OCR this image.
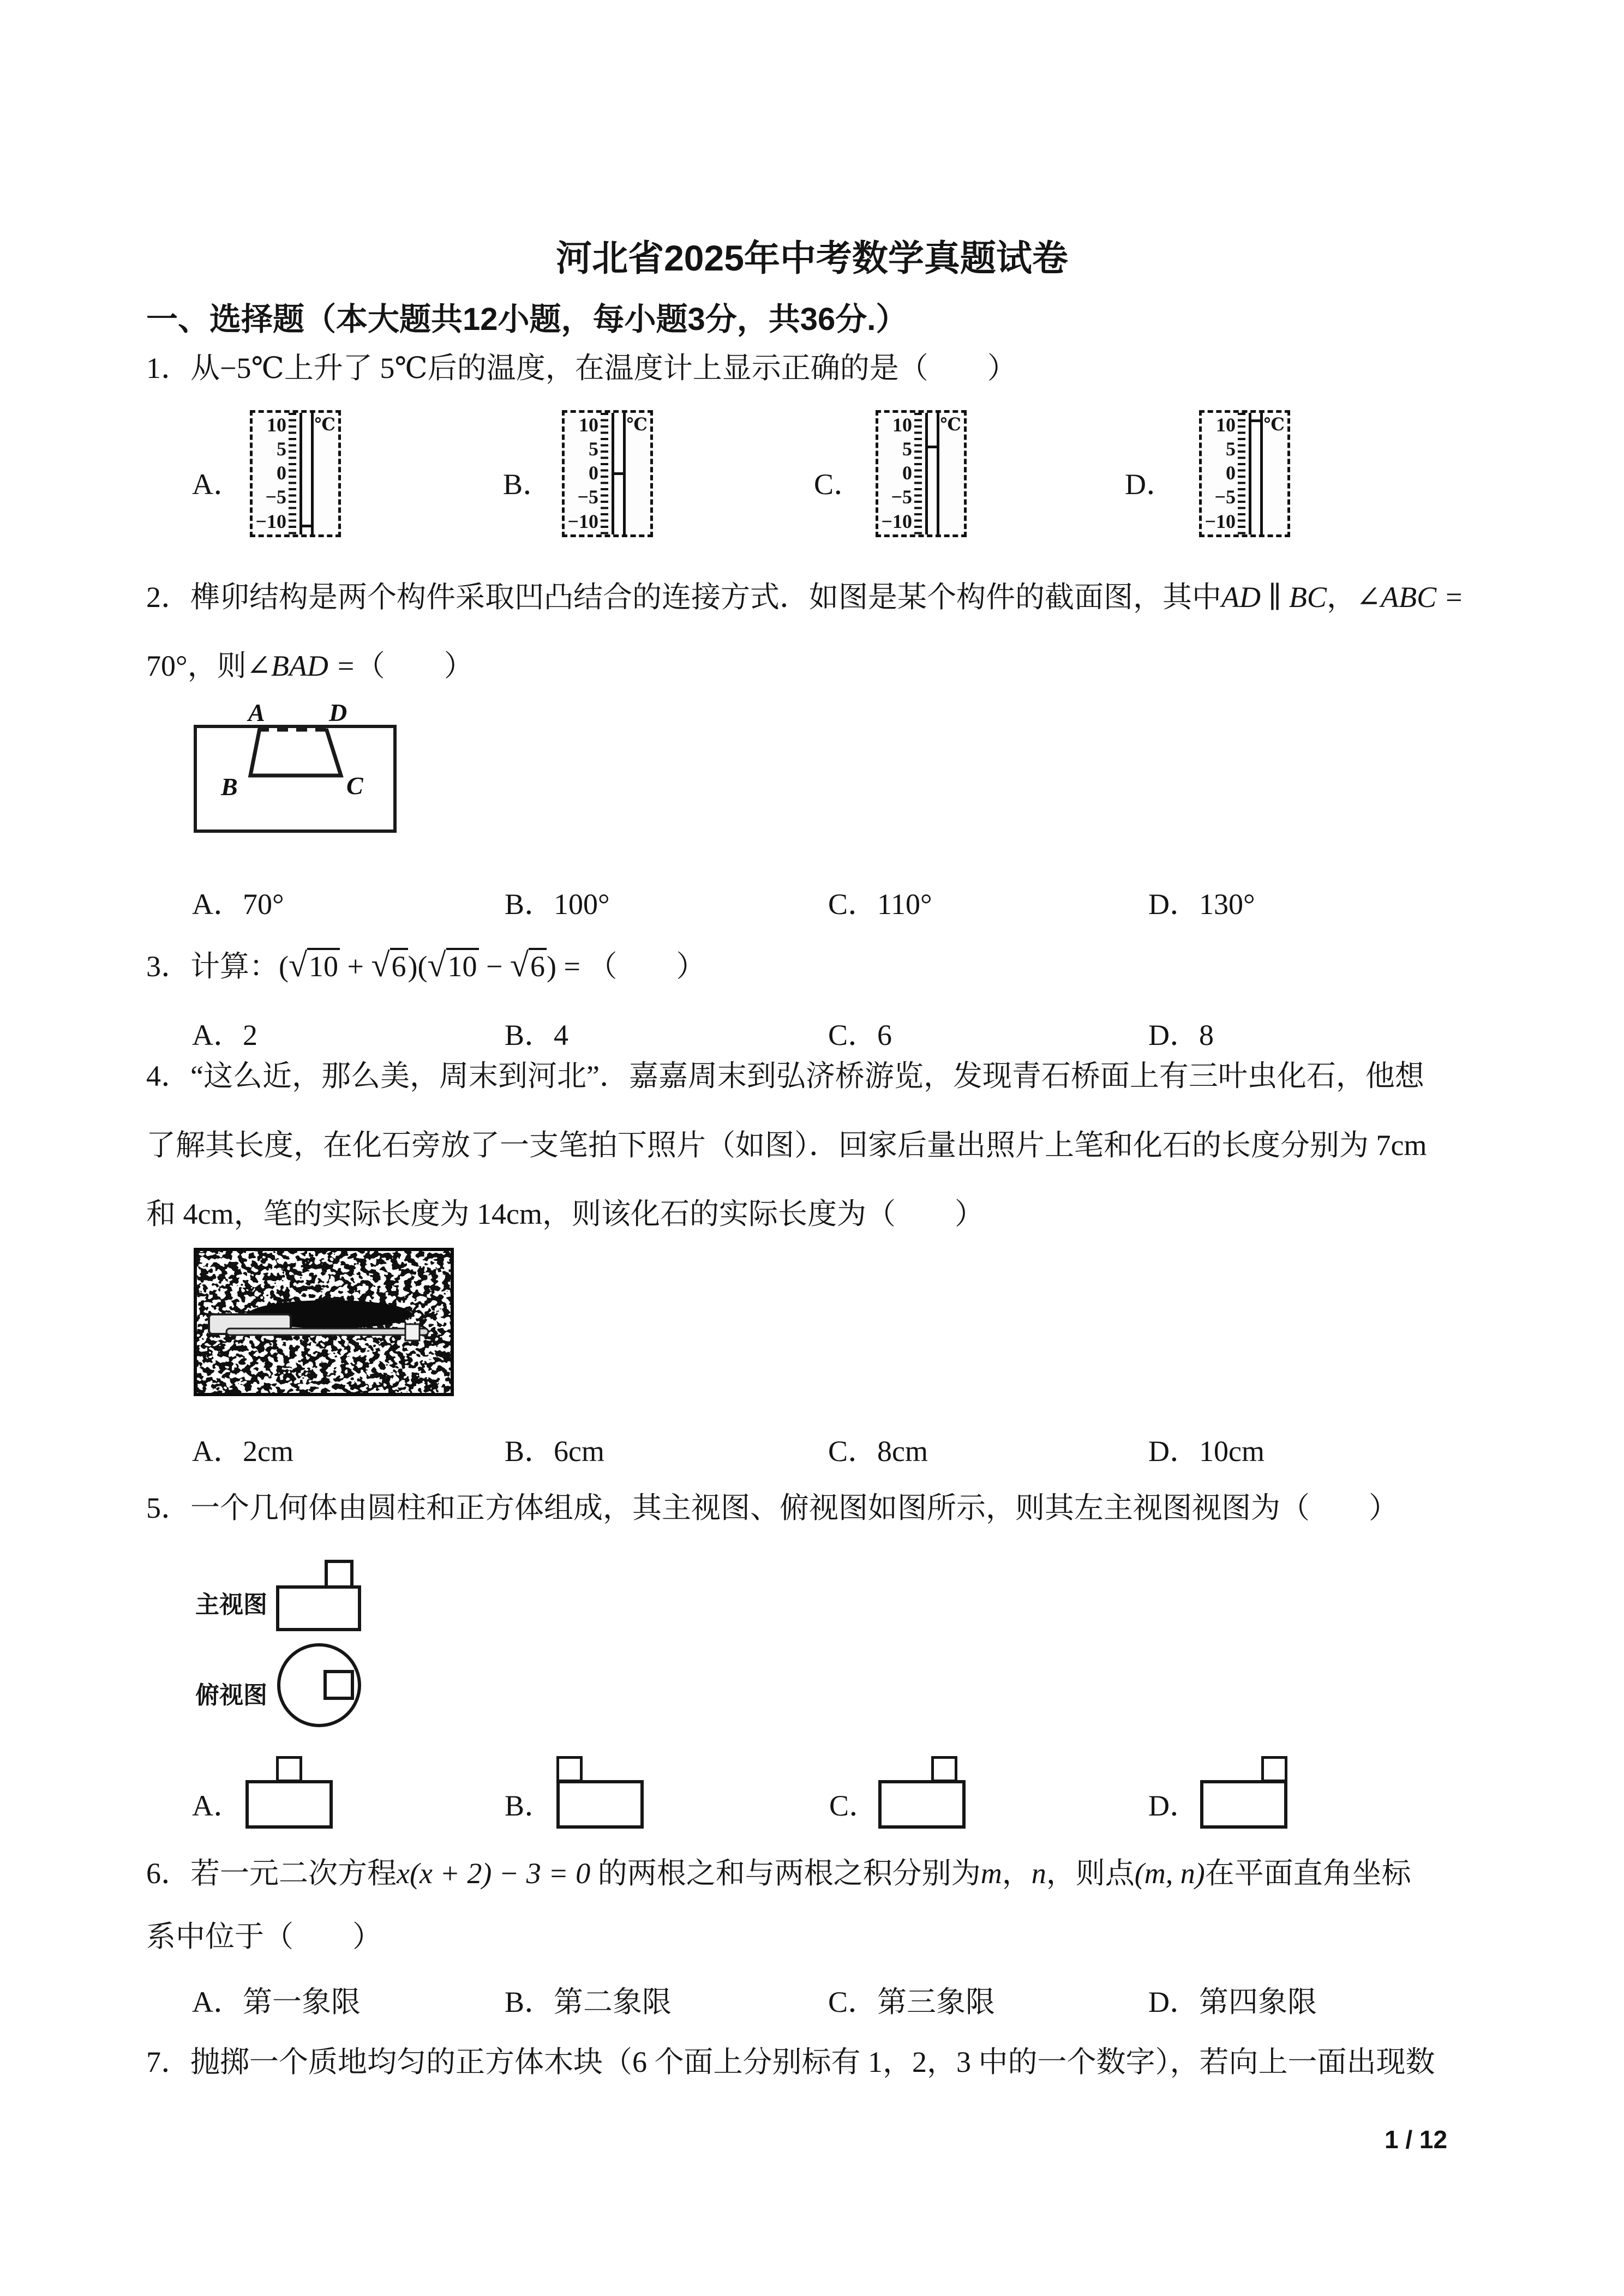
河北省2025年中考数学真题试卷
一、选择题（本大题共12小题，每小题3分，共36分.）
1．从−5℃上升了 5℃后的温度，在温度计上显示正确的是（　　）
A．	B．	C．	D．
10
5
0
−5
−10
℃	10
5
0
−5
−10
℃	10
5
0
−5
−10
℃	10
5
0
−5
−10
℃
2．榫卯结构是两个构件采取凹凸结合的连接方式．如图是某个构件的截面图，其中AD ∥ BC，∠ABC =
70°，则∠BAD =（　　）
A	D
B	C
A．70°	B．100°	C．110°	D．130°
3．计算：(√10 + √6)(√10 − √6) = （　　）
A．2	B．4	C．6	D．8
4．“这么近，那么美，周末到河北”．嘉嘉周末到弘济桥游览，发现青石桥面上有三叶虫化石，他想
了解其长度，在化石旁放了一支笔拍下照片（如图）．回家后量出照片上笔和化石的长度分别为 7cm
和 4cm，笔的实际长度为 14cm，则该化石的实际长度为（　　）
A．2cm	B．6cm	C．8cm	D．10cm
5．一个几何体由圆柱和正方体组成，其主视图、俯视图如图所示，则其左主视图视图为（　　）
主视图
俯视图
A．	B．	C．	D．
6．若一元二次方程x(x + 2) − 3 = 0 的两根之和与两根之积分别为m，n，则点(m, n)在平面直角坐标
系中位于（　　）
A．第一象限	B．第二象限	C．第三象限	D．第四象限
7．抛掷一个质地均匀的正方体木块（6 个面上分别标有 1，2，3 中的一个数字），若向上一面出现数
1 / 12
